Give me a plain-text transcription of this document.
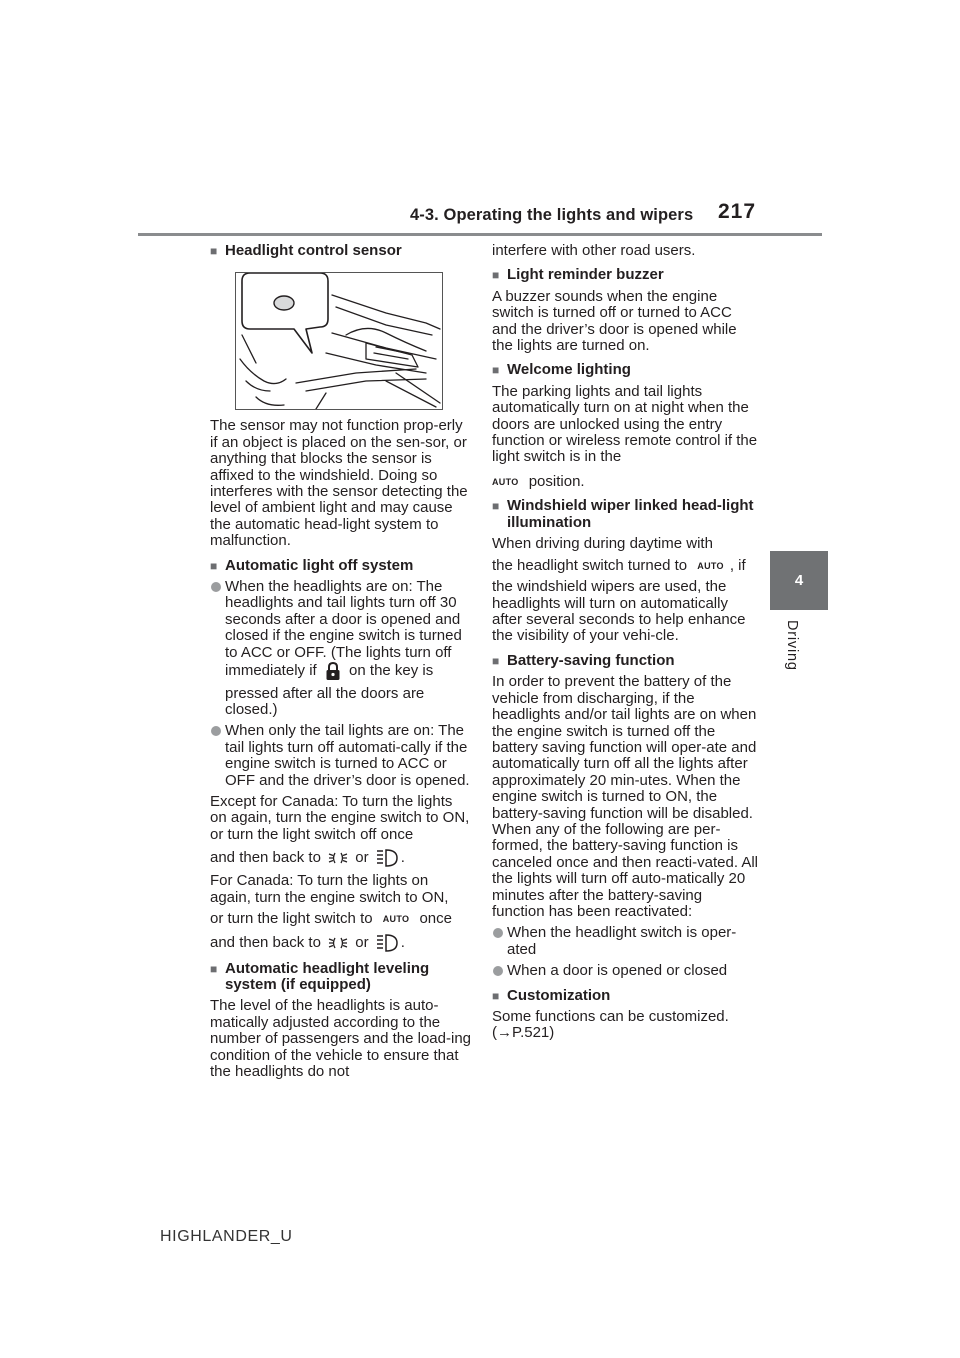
4-3. Operating the lights and wipers 217
4
Driving
HIGHLANDER_U

■ Headlight control sensor

The sensor may not function prop-erly if an object is placed on the sen-sor, or anything that blocks the sensor is affixed to the windshield. Doing so interferes with the sensor detecting the level of ambient light and may cause the automatic head-light system to malfunction.

■ Automatic light off system

When the headlights are on: The headlights and tail lights turn off 30 seconds after a door is opened and closed if the engine switch is turned to ACC or OFF. (The lights turn off immediately if on the key is pressed after all the doors are closed.)

When only the tail lights are on: The tail lights turn off automati-cally if the engine switch is turned to ACC or OFF and the driver’s door is opened.

Except for Canada: To turn the lights on again, turn the engine switch to ON, or turn the light switch off once

and then back to or .

For Canada: To turn the lights on again, turn the engine switch to ON,

or turn the light switch to AUTO once

and then back to or .

■ Automatic headlight leveling system (if equipped)

The level of the headlights is auto-matically adjusted according to the number of passengers and the load-ing condition of the vehicle to ensure that the headlights do not

interfere with other road users.

■ Light reminder buzzer

A buzzer sounds when the engine switch is turned off or turned to ACC and the driver’s door is opened while the lights are turned on.

■ Welcome lighting

The parking lights and tail lights automatically turn on at night when the doors are unlocked using the entry function or wireless remote control if the light switch is in the

AUTO position.

■ Windshield wiper linked head-light illumination

When driving during daytime with

the headlight switch turned to AUTO , if

the windshield wipers are used, the headlights will turn on automatically after several seconds to help enhance the visibility of your vehi-cle.

■ Battery-saving function

In order to prevent the battery of the vehicle from discharging, if the headlights and/or tail lights are on when the engine switch is turned off the battery saving function will oper-ate and automatically turn off all the lights after approximately 20 min-utes. When the engine switch is turned to ON, the battery-saving function will be disabled.

When any of the following are per-formed, the battery-saving function is canceled once and then reacti-vated. All the lights will turn off auto-matically 20 minutes after the battery-saving function has been reactivated:

When the headlight switch is oper-ated

When a door is opened or closed

■ Customization

Some functions can be customized.

(→P.521)
